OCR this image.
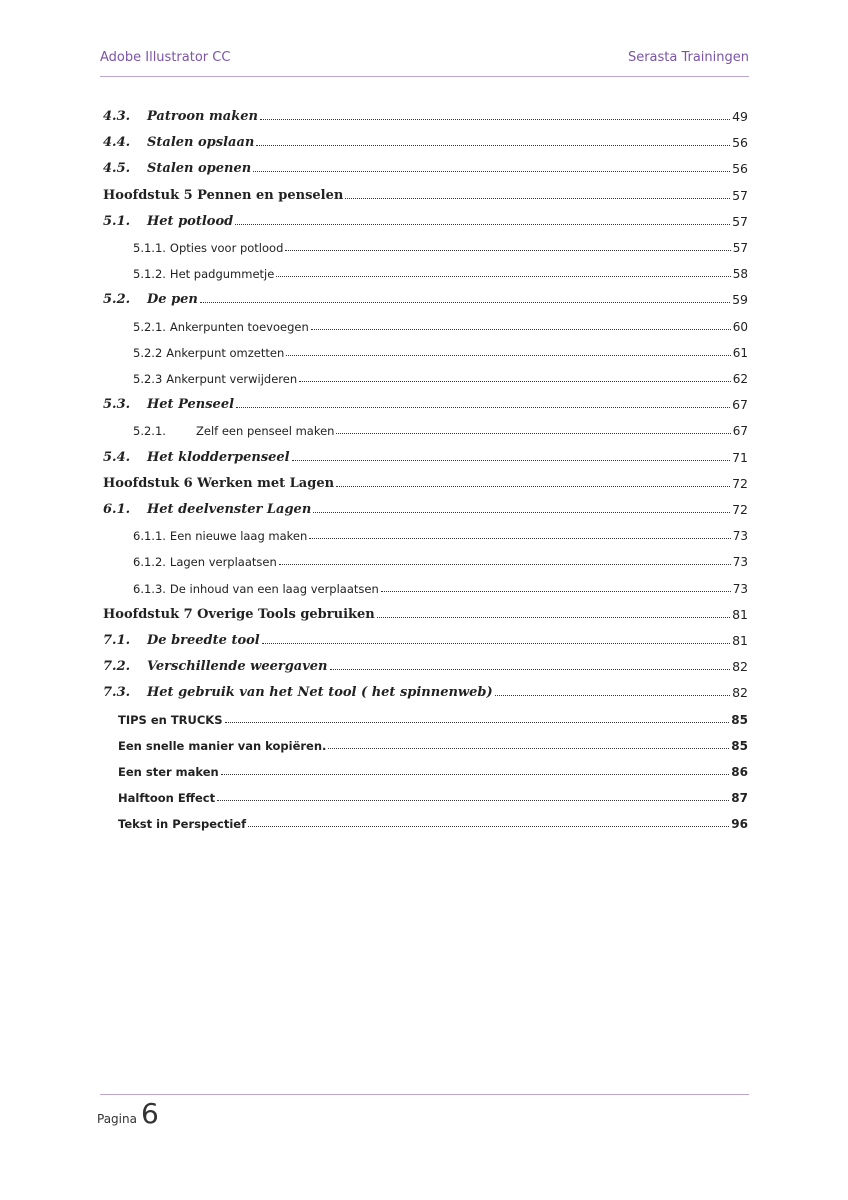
Adobe Illustrator CC	Serasta Trainingen
4.3.	Patroon maken	49
4.4.	Stalen opslaan	56
4.5.	Stalen openen	56
Hoofdstuk 5 Pennen en penselen	57
5.1.	Het potlood	57
5.1.1. Opties voor potlood	57
5.1.2. Het padgummetje	58
5.2.	De pen	59
5.2.1. Ankerpunten toevoegen	60
5.2.2 Ankerpunt omzetten	61
5.2.3 Ankerpunt verwijderen	62
5.3.	Het Penseel	67
5.2.1.	Zelf een penseel maken	67
5.4.	Het klodderpenseel	71
Hoofdstuk 6 Werken met Lagen	72
6.1.	Het deelvenster Lagen	72
6.1.1. Een nieuwe laag maken	73
6.1.2. Lagen verplaatsen	73
6.1.3. De inhoud van een laag verplaatsen	73
Hoofdstuk 7 Overige Tools gebruiken	81
7.1.	De breedte tool	81
7.2.	Verschillende weergaven	82
7.3.	Het gebruik van het Net tool ( het spinnenweb)	82
TIPS en TRUCKS	85
Een snelle manier van kopiëren.	85
Een ster maken	86
Halftoon Effect	87
Tekst in Perspectief	96
Pagina 6
